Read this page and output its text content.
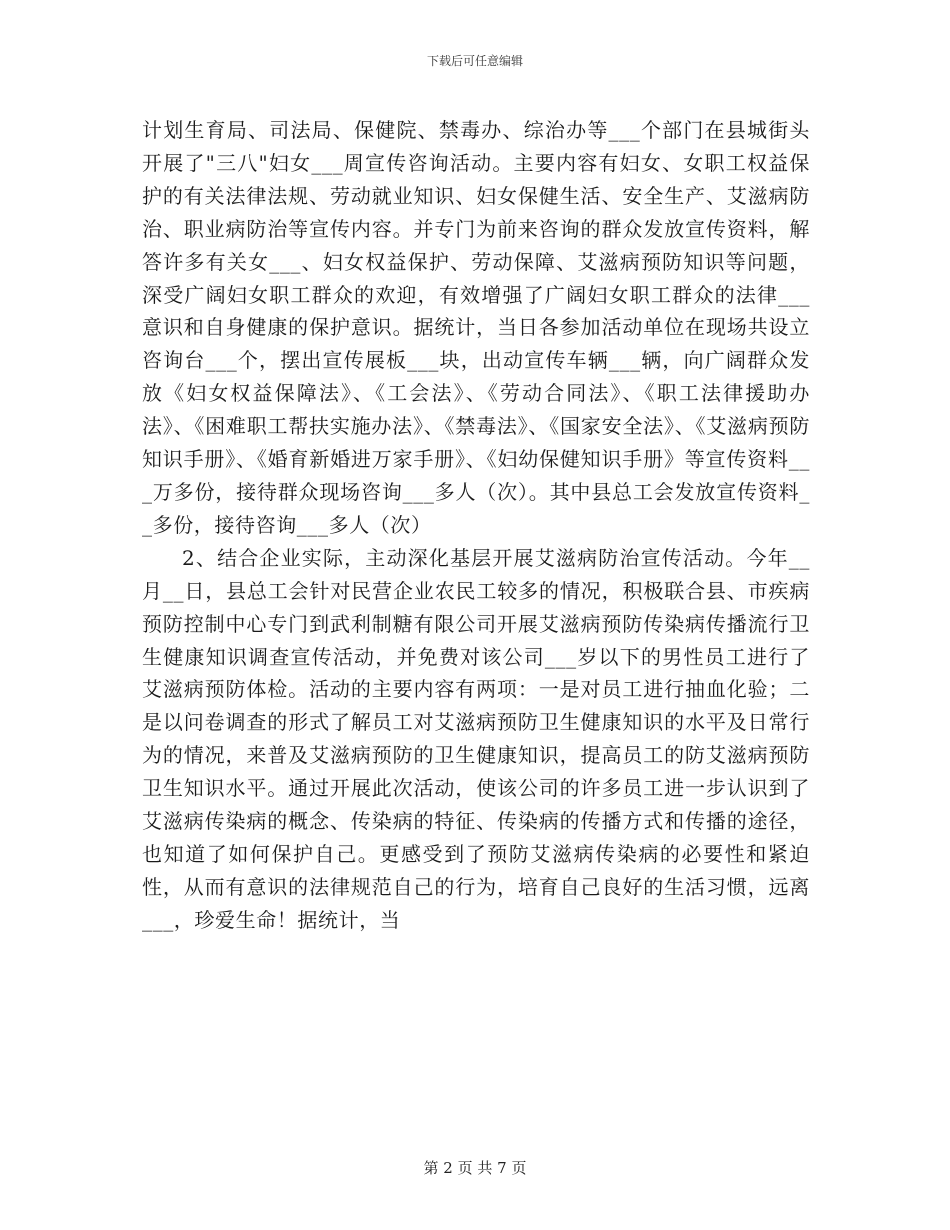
下载后可任意编辑

计划生育局、司法局、保健院、禁毒办、综治办等___个部门在县城街头开展了"三八"妇女___周宣传咨询活动。主要内容有妇女、女职工权益保护的有关法律法规、劳动就业知识、妇女保健生活、安全生产、艾滋病防治、职业病防治等宣传内容。并专门为前来咨询的群众发放宣传资料，解答许多有关女___、妇女权益保护、劳动保障、艾滋病预防知识等问题，深受广阔妇女职工群众的欢迎，有效增强了广阔妇女职工群众的法律___意识和自身健康的保护意识。据统计，当日各参加活动单位在现场共设立咨询台___个，摆出宣传展板___块，出动宣传车辆___辆，向广阔群众发放《妇女权益保障法》、《工会法》、《劳动合同法》、《职工法律援助办法》、《困难职工帮扶实施办法》、《禁毒法》、《国家安全法》、《艾滋病预防知识手册》、《婚育新婚进万家手册》、《妇幼保健知识手册》等宣传资料___万多份，接待群众现场咨询___多人（次）。其中县总工会发放宣传资料__多份，接待咨询___多人（次）

2、结合企业实际，主动深化基层开展艾滋病防治宣传活动。今年__月__日，县总工会针对民营企业农民工较多的情况，积极联合县、市疾病预防控制中心专门到武利制糖有限公司开展艾滋病预防传染病传播流行卫生健康知识调查宣传活动，并免费对该公司___岁以下的男性员工进行了艾滋病预防体检。活动的主要内容有两项：一是对员工进行抽血化验；二是以问卷调查的形式了解员工对艾滋病预防卫生健康知识的水平及日常行为的情况，来普及艾滋病预防的卫生健康知识，提高员工的防艾滋病预防卫生知识水平。通过开展此次活动，使该公司的许多员工进一步认识到了艾滋病传染病的概念、传染病的特征、传染病的传播方式和传播的途径，也知道了如何保护自己。更感受到了预防艾滋病传染病的必要性和紧迫性，从而有意识的法律规范自己的行为，培育自己良好的生活习惯，远离___，珍爱生命！据统计，当

第 2 页 共 7 页
